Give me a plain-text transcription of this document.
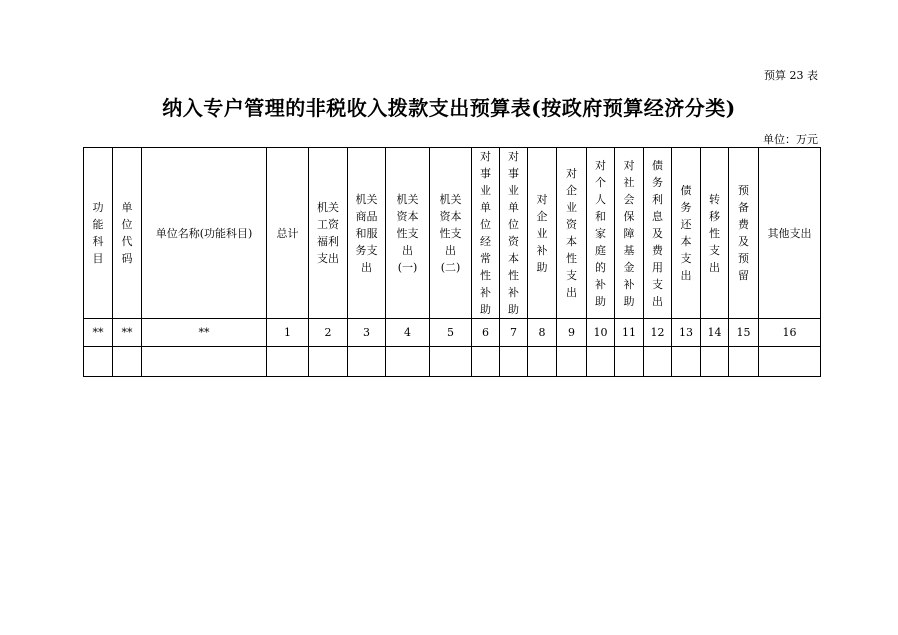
预算 23 表
纳入专户管理的非税收入拨款支出预算表(按政府预算经济分类)
单位：万元
功能科目	单位代码	单位名称(功能科目)	总计	机关工资福利支出	机关商品和服务支出	机关资本性支出(一)	机关资本性支出(二)	对事业单位经常性补助	对事业单位资本性补助	对企业补助	对企业资本性支出	对个人和家庭的补助	对社会保障基金补助	债务利息及费用支出	债务还本支出	转移性支出	预备费及预留	其他支出
**	**	**	1	2	3	4	5	6	7	8	9	10	11	12	13	14	15	16
